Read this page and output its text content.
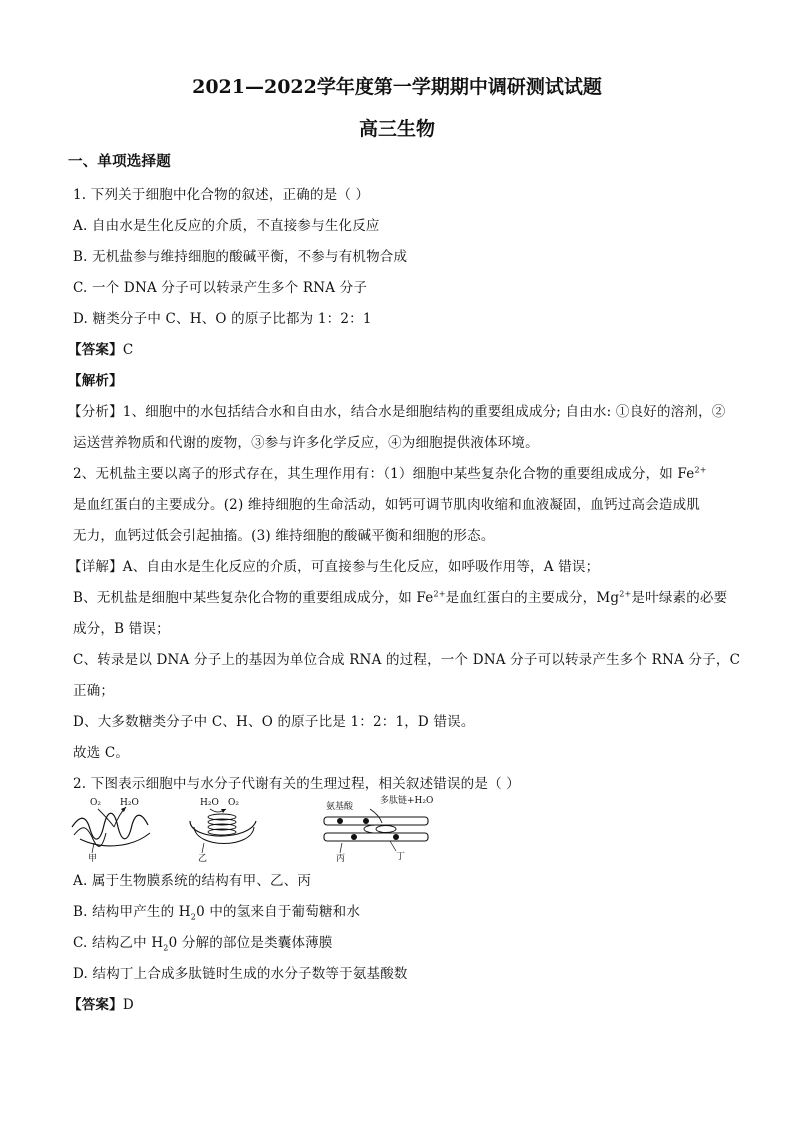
2021—2022学年度第一学期期中调研测试试题
高三生物
一、单项选择题
1. 下列关于细胞中化合物的叙述，正确的是（ ）
A. 自由水是生化反应的介质，不直接参与生化反应
B. 无机盐参与维持细胞的酸碱平衡，不参与有机物合成
C. 一个 DNA 分子可以转录产生多个 RNA 分子
D. 糖类分子中 C、H、O 的原子比都为 1：2：1
【答案】C
【解析】
【分析】1、细胞中的水包括结合水和自由水，结合水是细胞结构的重要组成成分; 自由水: ①良好的溶剂，②
运送营养物质和代谢的废物，③参与许多化学反应，④为细胞提供液体环境。
2、无机盐主要以离子的形式存在，其生理作用有：（1）细胞中某些复杂化合物的重要组成成分，如 $Fe^{2+}$
是血红蛋白的主要成分。(2) 维持细胞的生命活动，如钙可调节肌肉收缩和血液凝固，血钙过高会造成肌
无力，血钙过低会引起抽搐。(3) 维持细胞的酸碱平衡和细胞的形态。
【详解】A、自由水是生化反应的介质，可直接参与生化反应，如呼吸作用等，A 错误；
B、无机盐是细胞中某些复杂化合物的重要组成成分，如 $Fe^{2+}$是血红蛋白的主要成分，$Mg^{2+}$是叶绿素的必要
成分，B 错误；
C、转录是以 DNA 分子上的基因为单位合成 RNA 的过程，一个 DNA 分子可以转录产生多个 RNA 分子，C
正确；
D、大多数糖类分子中 C、H、O 的原子比是 1：2：1，D 错误。
故选 C。
2. 下图表示细胞中与水分子代谢有关的生理过程，相关叙述错误的是（ ）
O₂ H₂O
甲
H₂O O₂
乙
氨基酸
多肽链+H₂O
丙	丁
A. 属于生物膜系统的结构有甲、乙、丙
B. 结构甲产生的 $H_20$ 中的氢来自于葡萄糖和水
C. 结构乙中 $H_20$ 分解的部位是类囊体薄膜
D. 结构丁上合成多肽链时生成的水分子数等于氨基酸数
【答案】D
